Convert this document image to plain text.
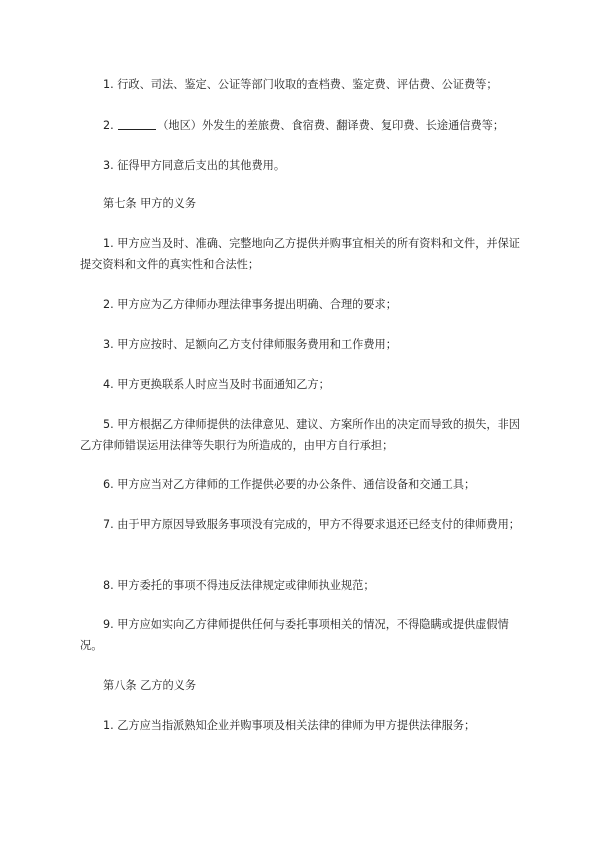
1. 行政、司法、鉴定、公证等部门收取的查档费、鉴定费、评估费、公证费等；
2.	（地区）外发生的差旅费、食宿费、翻译费、复印费、长途通信费等；
3. 征得甲方同意后支出的其他费用。
第七条 甲方的义务
1. 甲方应当及时、准确、完整地向乙方提供并购事宜相关的所有资料和文件，并保证提交资料和文件的真实性和合法性；
2. 甲方应为乙方律师办理法律事务提出明确、合理的要求；
3. 甲方应按时、足额向乙方支付律师服务费用和工作费用；
4. 甲方更换联系人时应当及时书面通知乙方；
5. 甲方根据乙方律师提供的法律意见、建议、方案所作出的决定而导致的损失，非因乙方律师错误运用法律等失职行为所造成的，由甲方自行承担；
6. 甲方应当对乙方律师的工作提供必要的办公条件、通信设备和交通工具；
7. 由于甲方原因导致服务事项没有完成的，甲方不得要求退还已经支付的律师费用；
8. 甲方委托的事项不得违反法律规定或律师执业规范；
9. 甲方应如实向乙方律师提供任何与委托事项相关的情况，不得隐瞒或提供虚假情况。
第八条 乙方的义务
1. 乙方应当指派熟知企业并购事项及相关法律的律师为甲方提供法律服务；
